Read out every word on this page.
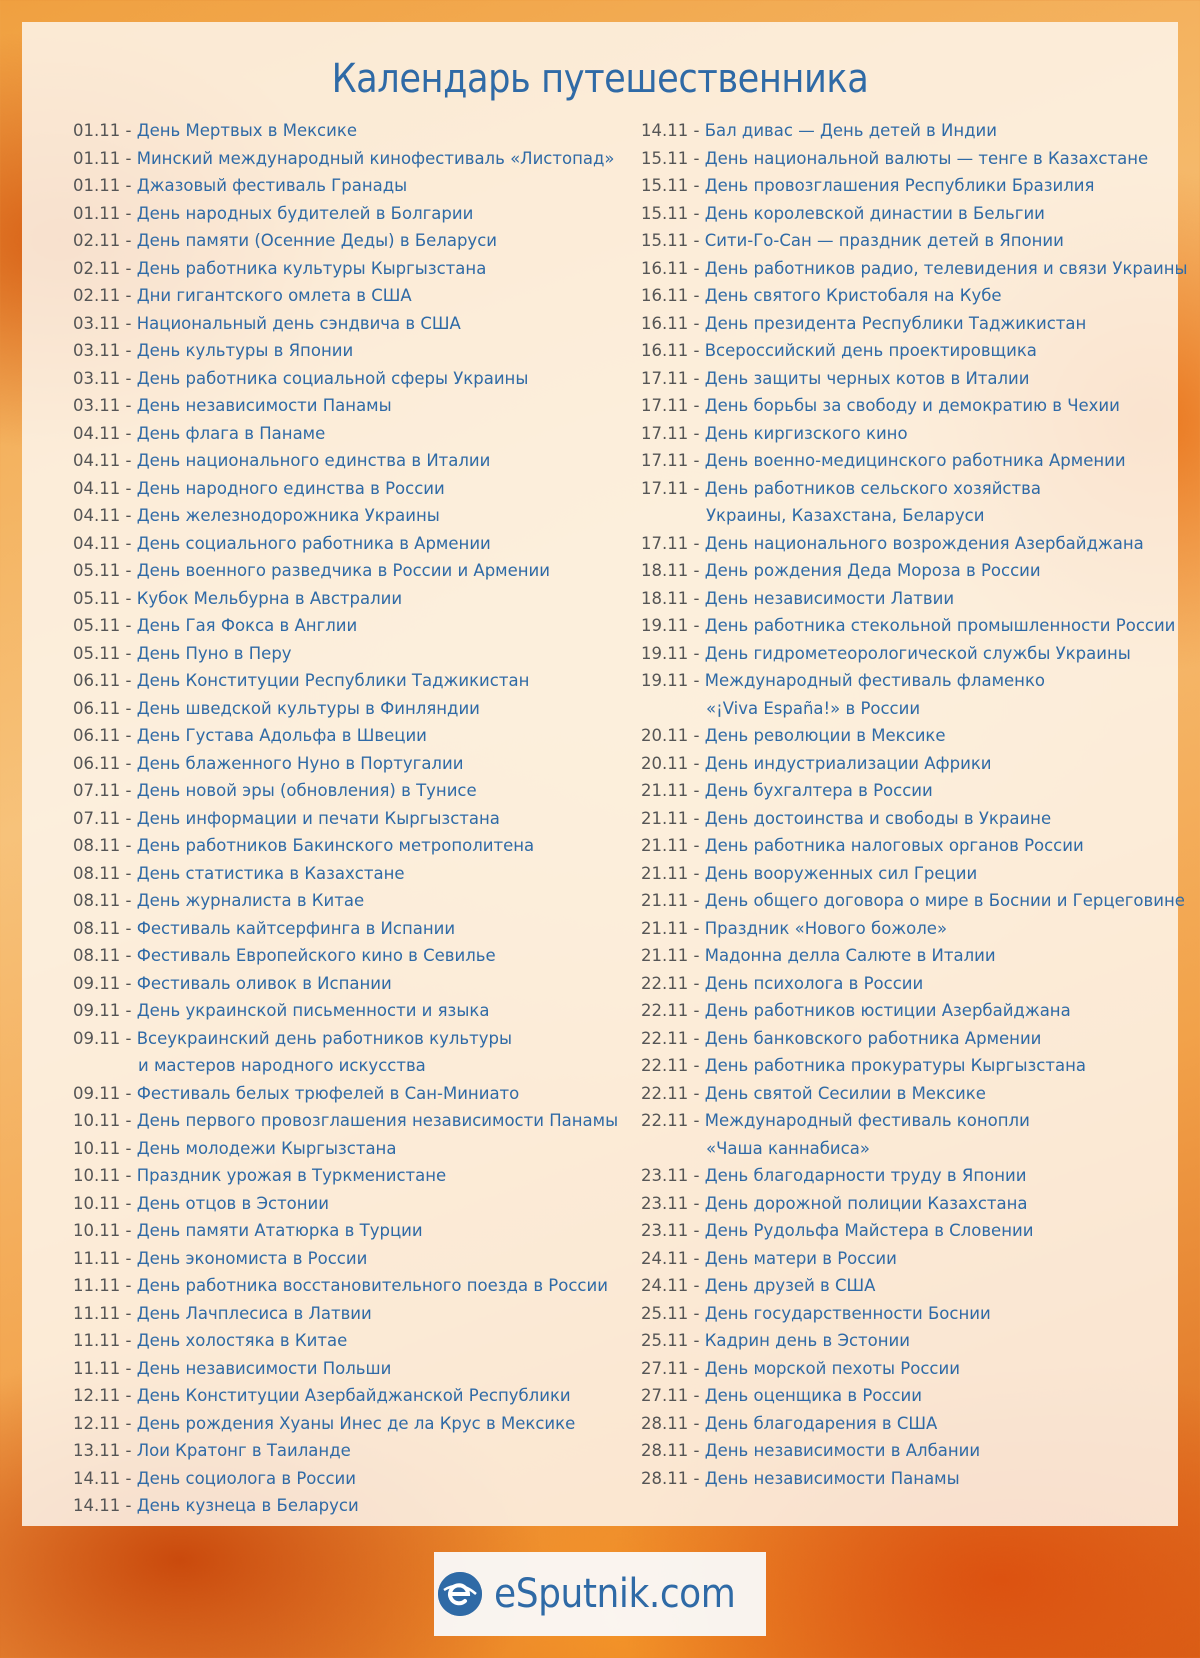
Календарь путешественника
01.11 - День Мертвых в Мексике
01.11 - Минский международный кинофестиваль «Листопад»
01.11 - Джазовый фестиваль Гранады
01.11 - День народных будителей в Болгарии
02.11 - День памяти (Осенние Деды) в Беларуси
02.11 - День работника культуры Кыргызстана
02.11 - Дни гигантского омлета в США
03.11 - Национальный день сэндвича в США
03.11 - День культуры в Японии
03.11 - День работника социальной сферы Украины
03.11 - День независимости Панамы
04.11 - День флага в Панаме
04.11 - День национального единства в Италии
04.11 - День народного единства в России
04.11 - День железнодорожника Украины
04.11 - День социального работника в Армении
05.11 - День военного разведчика в России и Армении
05.11 - Кубок Мельбурна в Австралии
05.11 - День Гая Фокса в Англии
05.11 - День Пуно в Перу
06.11 - День Конституции Республики Таджикистан
06.11 - День шведской культуры в Финляндии
06.11 - День Густава Адольфа в Швеции
06.11 - День блаженного Нуно в Португалии
07.11 - День новой эры (обновления) в Тунисе
07.11 - День информации и печати Кыргызстана
08.11 - День работников Бакинского метрополитена
08.11 - День статистика в Казахстане
08.11 - День журналиста в Китае
08.11 - Фестиваль кайтсерфинга в Испании
08.11 - Фестиваль Европейского кино в Севилье
09.11 - Фестиваль оливок в Испании
09.11 - День украинской письменности и языка
09.11 - Всеукраинский день работников культуры
и мастеров народного искусства
09.11 - Фестиваль белых трюфелей в Сан-Миниато
10.11 - День первого провозглашения независимости Панамы
10.11 - День молодежи Кыргызстана
10.11 - Праздник урожая в Туркменистане
10.11 - День отцов в Эстонии
10.11 - День памяти Ататюрка в Турции
11.11 - День экономиста в России
11.11 - День работника восстановительного поезда в России
11.11 - День Лачплесиса в Латвии
11.11 - День холостяка в Китае
11.11 - День независимости Польши
12.11 - День Конституции Азербайджанской Республики
12.11 - День рождения Хуаны Инес де ла Крус в Мексике
13.11 - Лои Кратонг в Таиланде
14.11 - День социолога в России
14.11 - День кузнеца в Беларуси
14.11 - Бал дивас — День детей в Индии
15.11 - День национальной валюты — тенге в Казахстане
15.11 - День провозглашения Республики Бразилия
15.11 - День королевской династии в Бельгии
15.11 - Сити-Го-Сан — праздник детей в Японии
16.11 - День работников радио, телевидения и связи Украины
16.11 - День святого Кристобаля на Кубе
16.11 - День президента Республики Таджикистан
16.11 - Всероссийский день проектировщика
17.11 - День защиты черных котов в Италии
17.11 - День борьбы за свободу и демократию в Чехии
17.11 - День киргизского кино
17.11 - День военно-медицинского работника Армении
17.11 - День работников сельского хозяйства
Украины, Казахстана, Беларуси
17.11 - День национального возрождения Азербайджана
18.11 - День рождения Деда Мороза в России
18.11 - День независимости Латвии
19.11 - День работника стекольной промышленности России
19.11 - День гидрометеорологической службы Украины
19.11 - Международный фестиваль фламенко
«¡Viva España!» в России
20.11 - День революции в Мексике
20.11 - День индустриализации Африки
21.11 - День бухгалтера в России
21.11 - День достоинства и свободы в Украине
21.11 - День работника налоговых органов России
21.11 - День вооруженных сил Греции
21.11 - День общего договора о мире в Боснии и Герцеговине
21.11 - Праздник «Нового божоле»
21.11 - Мадонна делла Салюте в Италии
22.11 - День психолога в России
22.11 - День работников юстиции Азербайджана
22.11 - День банковского работника Армении
22.11 - День работника прокуратуры Кыргызстана
22.11 - День святой Сесилии в Мексике
22.11 - Международный фестиваль конопли
«Чаша каннабиса»
23.11 - День благодарности труду в Японии
23.11 - День дорожной полиции Казахстана
23.11 - День Рудольфа Майстера в Словении
24.11 - День матери в России
24.11 - День друзей в США
25.11 - День государственности Боснии
25.11 - Кадрин день в Эстонии
27.11 - День морской пехоты России
27.11 - День оценщика в России
28.11 - День благодарения в США
28.11 - День независимости в Албании
28.11 - День независимости Панамы
eSputnik.com
